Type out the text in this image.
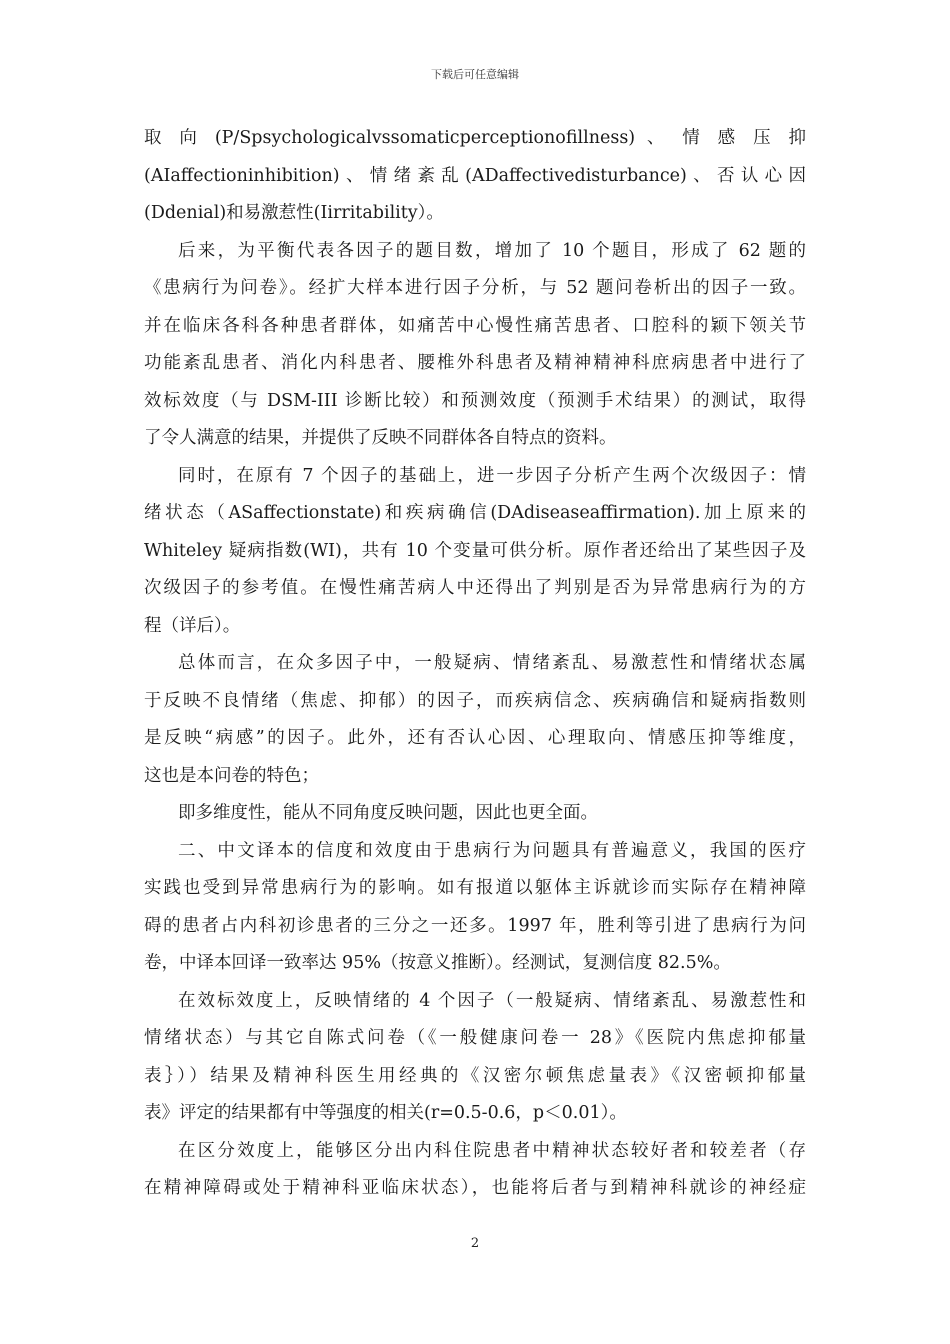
下载后可任意编辑
取 向 (P/Spsychologicalvssomaticperceptionofillness) 、 情 感 压 抑
(AIaffectioninhibition)、情绪紊乱(ADaffectivedisturbance)、否认心因
(Ddenial)和易激惹性(Iirritability）。
后来，为平衡代表各因子的题目数，增加了 10 个题目，形成了 62 题的
《患病行为问卷》。经扩大样本进行因子分析，与 52 题问卷析出的因子一致。
并在临床各科各种患者群体，如痛苦中心慢性痛苦患者、口腔科的颖下领关节
功能紊乱患者、消化内科患者、腰椎外科患者及精神精神科庶病患者中进行了
效标效度（与 DSM-III 诊断比较）和预测效度（预测手术结果）的测试，取得
了令人满意的结果，并提供了反映不同群体各自特点的资料。
同时，在原有 7 个因子的基础上，进一步因子分析产生两个次级因子：情
绪状态（ASaffectionstate)和疾病确信(DAdiseaseaffirmation).加上原来的
Whiteley 疑病指数(WI)，共有 10 个变量可供分析。原作者还给出了某些因子及
次级因子的参考值。在慢性痛苦病人中还得出了判别是否为异常患病行为的方
程（详后）。
总体而言，在众多因子中，一般疑病、情绪紊乱、易激惹性和情绪状态属
于反映不良情绪（焦虑、抑郁）的因子，而疾病信念、疾病确信和疑病指数则
是反映“病感”的因子。此外，还有否认心因、心理取向、情感压抑等维度，
这也是本问卷的特色；
即多维度性，能从不同角度反映问题，因此也更全面。
二、中文译本的信度和效度由于患病行为问题具有普遍意义，我国的医疗
实践也受到异常患病行为的影响。如有报道以躯体主诉就诊而实际存在精神障
碍的患者占内科初诊患者的三分之一还多。1997 年，胜利等引进了患病行为问
卷，中译本回译一致率达 95%（按意义推断）。经测试，复测信度 82.5%。
在效标效度上，反映情绪的 4 个因子（一般疑病、情绪紊乱、易激惹性和
情绪状态）与其它自陈式问卷（《一般健康问卷一 28》《医院内焦虑抑郁量
表｝））结果及精神科医生用经典的《汉密尔顿焦虑量表》《汉密顿抑郁量
表》评定的结果都有中等强度的相关(r=0.5-0.6，p＜0.01）。
在区分效度上，能够区分出内科住院患者中精神状态较好者和较差者（存
在精神障碍或处于精神科亚临床状态），也能将后者与到精神科就诊的神经症
2
